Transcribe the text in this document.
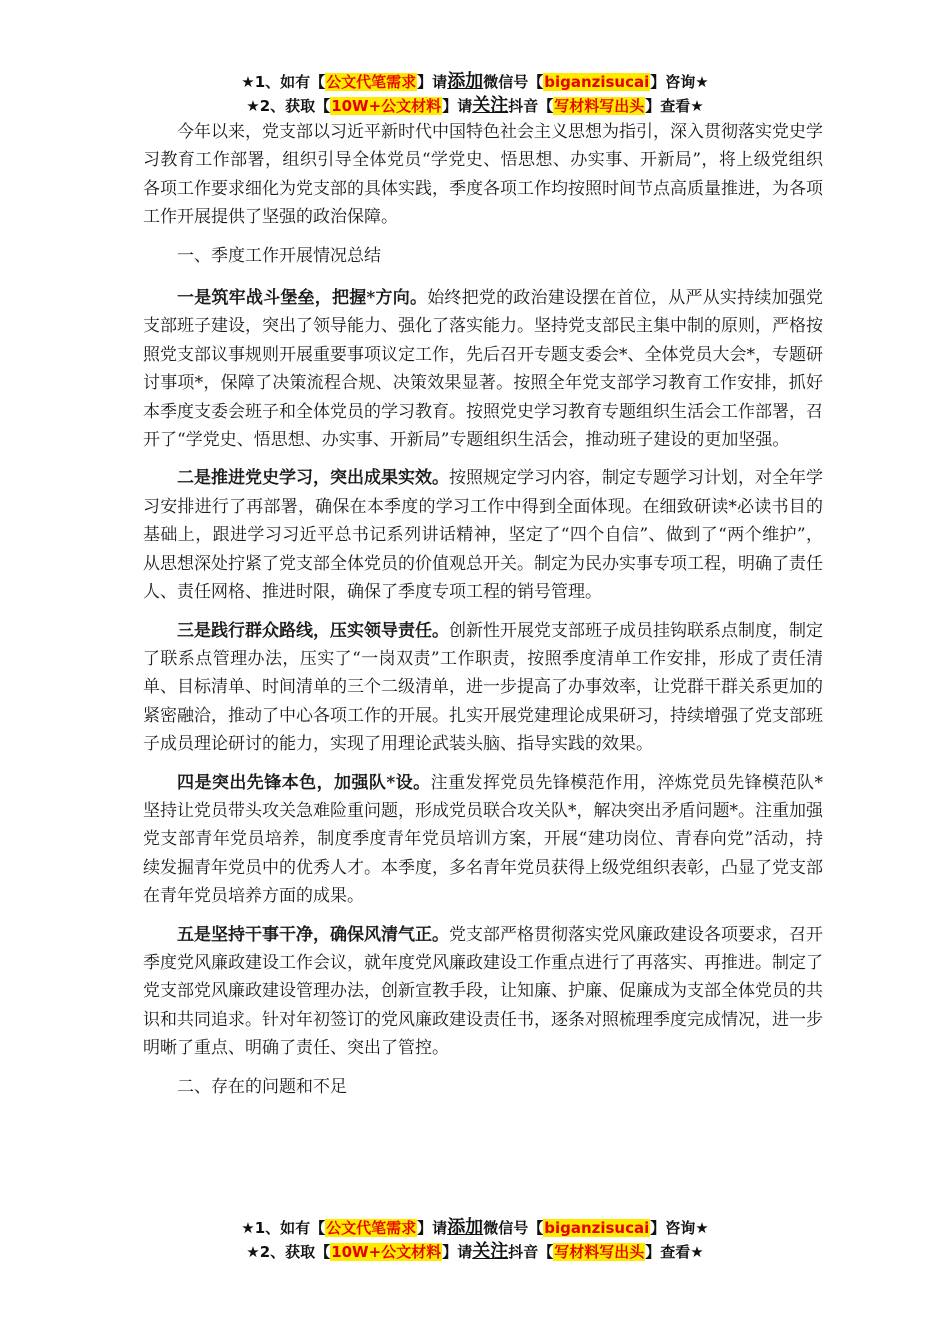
★1、如有【公文代笔需求】请添加微信号【biganzisucai】咨询★
★2、获取【10W+公文材料】请关注抖音【写材料写出头】查看★

今年以来，党支部以习近平新时代中国特色社会主义思想为指引，深入贯彻落实党史学习教育工作部署，组织引导全体党员“学党史、悟思想、办实事、开新局”，将上级党组织各项工作要求细化为党支部的具体实践，季度各项工作均按照时间节点高质量推进，为各项工作开展提供了坚强的政治保障。

一、季度工作开展情况总结

一是筑牢战斗堡垒，把握*方向。始终把党的政治建设摆在首位，从严从实持续加强党支部班子建设，突出了领导能力、强化了落实能力。坚持党支部民主集中制的原则，严格按照党支部议事规则开展重要事项议定工作，先后召开专题支委会*、全体党员大会*，专题研讨事项*，保障了决策流程合规、决策效果显著。按照全年党支部学习教育工作安排，抓好本季度支委会班子和全体党员的学习教育。按照党史学习教育专题组织生活会工作部署，召开了“学党史、悟思想、办实事、开新局”专题组织生活会，推动班子建设的更加坚强。

二是推进党史学习，突出成果实效。按照规定学习内容，制定专题学习计划，对全年学习安排进行了再部署，确保在本季度的学习工作中得到全面体现。在细致研读*必读书目的基础上，跟进学习习近平总书记系列讲话精神，坚定了“四个自信”、做到了“两个维护”，从思想深处拧紧了党支部全体党员的价值观总开关。制定为民办实事专项工程，明确了责任人、责任网格、推进时限，确保了季度专项工程的销号管理。

三是践行群众路线，压实领导责任。创新性开展党支部班子成员挂钩联系点制度，制定了联系点管理办法，压实了“一岗双责”工作职责，按照季度清单工作安排，形成了责任清单、目标清单、时间清单的三个二级清单，进一步提高了办事效率，让党群干群关系更加的紧密融洽，推动了中心各项工作的开展。扎实开展党建理论成果研习，持续增强了党支部班子成员理论研讨的能力，实现了用理论武装头脑、指导实践的效果。

四是突出先锋本色，加强队*设。注重发挥党员先锋模范作用，淬炼党员先锋模范队*坚持让党员带头攻关急难险重问题，形成党员联合攻关队*，解决突出矛盾问题*。注重加强党支部青年党员培养，制度季度青年党员培训方案，开展“建功岗位、青春向党”活动，持续发掘青年党员中的优秀人才。本季度，多名青年党员获得上级党组织表彰，凸显了党支部在青年党员培养方面的成果。

五是坚持干事干净，确保风清气正。党支部严格贯彻落实党风廉政建设各项要求，召开季度党风廉政建设工作会议，就年度党风廉政建设工作重点进行了再落实、再推进。制定了党支部党风廉政建设管理办法，创新宣教手段，让知廉、护廉、促廉成为支部全体党员的共识和共同追求。针对年初签订的党风廉政建设责任书，逐条对照梳理季度完成情况，进一步明晰了重点、明确了责任、突出了管控。

二、存在的问题和不足

★1、如有【公文代笔需求】请添加微信号【biganzisucai】咨询★
★2、获取【10W+公文材料】请关注抖音【写材料写出头】查看★
